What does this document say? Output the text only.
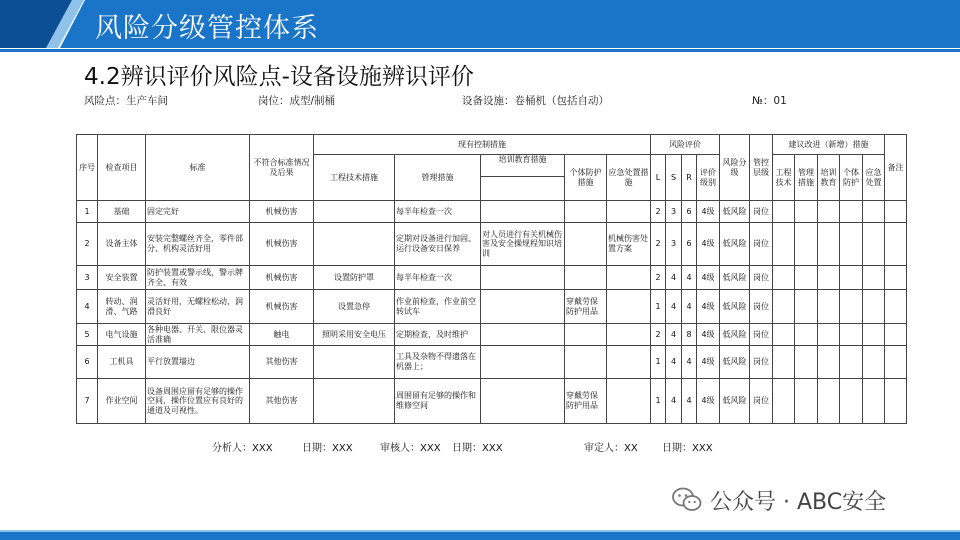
风险分级管控体系
4.2辨识评价风险点-设备设施辨识评价
风险点：生产车间	岗位：成型/制桶	设备设施：卷桶机（包括自动）	№：01
序号	检查项目	标准	不符合标准情况及后果	现有控制措施					风险评价				风险分级	管控层级	建议改进（新增）措施					备注
				工程技术措施	管理措施	培训教育措施	个体防护措施	应急处置措施	L	S	R	评价级别			工程技术	管理措施	培训教育	个体防护	应急处置	

1	基础	固定完好	机械伤害		每半年检查一次				2	3	6	4级	低风险	岗位						
2	设备主体	安装完整螺丝齐全，零件部分、机构灵活好用	机械伤害		定期对设备进行加固、运行设备安日保养	对人员进行有关机械伤害及安全操规程知识培训		机械伤害处置方案	2	3	6	4级	低风险	岗位						
3	安全装置	防护装置或警示线，警示牌齐全、有效	机械伤害	设置防护罩	每半年检查一次				2	4	4	4级	低风险	岗位						
4	转动、润滑、气路	灵活好用，无螺栓松动，润滑良好	机械伤害	设置急停	作业前检查，作业前空转试车		穿戴劳保防护用品		1	4	4	4级	低风险	岗位						
5	电气设施	各种电器、开关、限位器灵活准确	触电	照明采用安全电压	定期检查，及时维护				2	4	8	4级	低风险	岗位						
6	工机具	平行放置墙边	其他伤害		工具及杂物不得遗落在机器上；				1	4	4	4级	低风险	岗位						
7	作业空间	设备周围应留有足够的操作空间，操作位置应有良好的通道及可视性。	其他伤害		周围留有足够的操作和维修空间		穿戴劳保防护用品		1	4	4	4级	低风险	岗位						
分析人：XXX	日期：XXX	审核人：XXX 日期：XXX	审定人：XX 日期：XXX
公众号 · ABC安全
